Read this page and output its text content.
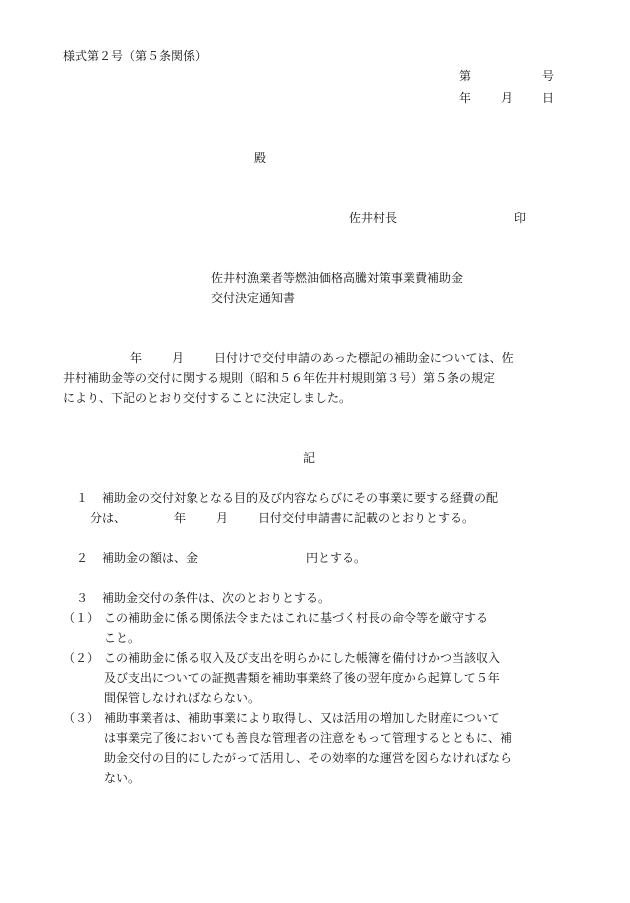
様式第２号（第５条関係）
第	号
年 月 日
殿
佐井村長	印
佐井村漁業者等燃油価格高騰対策事業費補助金
交付決定通知書
年	月	日付けで交付申請のあった標記の補助金については、佐
井村補助金等の交付に関する規則（昭和５６年佐井村規則第３号）第５条の規定
により、下記のとおり交付することに決定しました。
記
１ 補助金の交付対象となる目的及び内容ならびにその事業に要する経費の配
分は、	年	月	日付交付申請書に記載のとおりとする。
２ 補助金の額は、金	円とする。
３ 補助金交付の条件は、次のとおりとする。
（１） この補助金に係る関係法令またはこれに基づく村長の命令等を厳守する
こと。
（２） この補助金に係る収入及び支出を明らかにした帳簿を備付けかつ当該収入
及び支出についての証拠書類を補助事業終了後の翌年度から起算して５年
間保管しなければならない。
（３） 補助事業者は、補助事業により取得し、又は活用の増加した財産について
は事業完了後においても善良な管理者の注意をもって管理するとともに、補
助金交付の目的にしたがって活用し、その効率的な運営を図らなければなら
ない。
